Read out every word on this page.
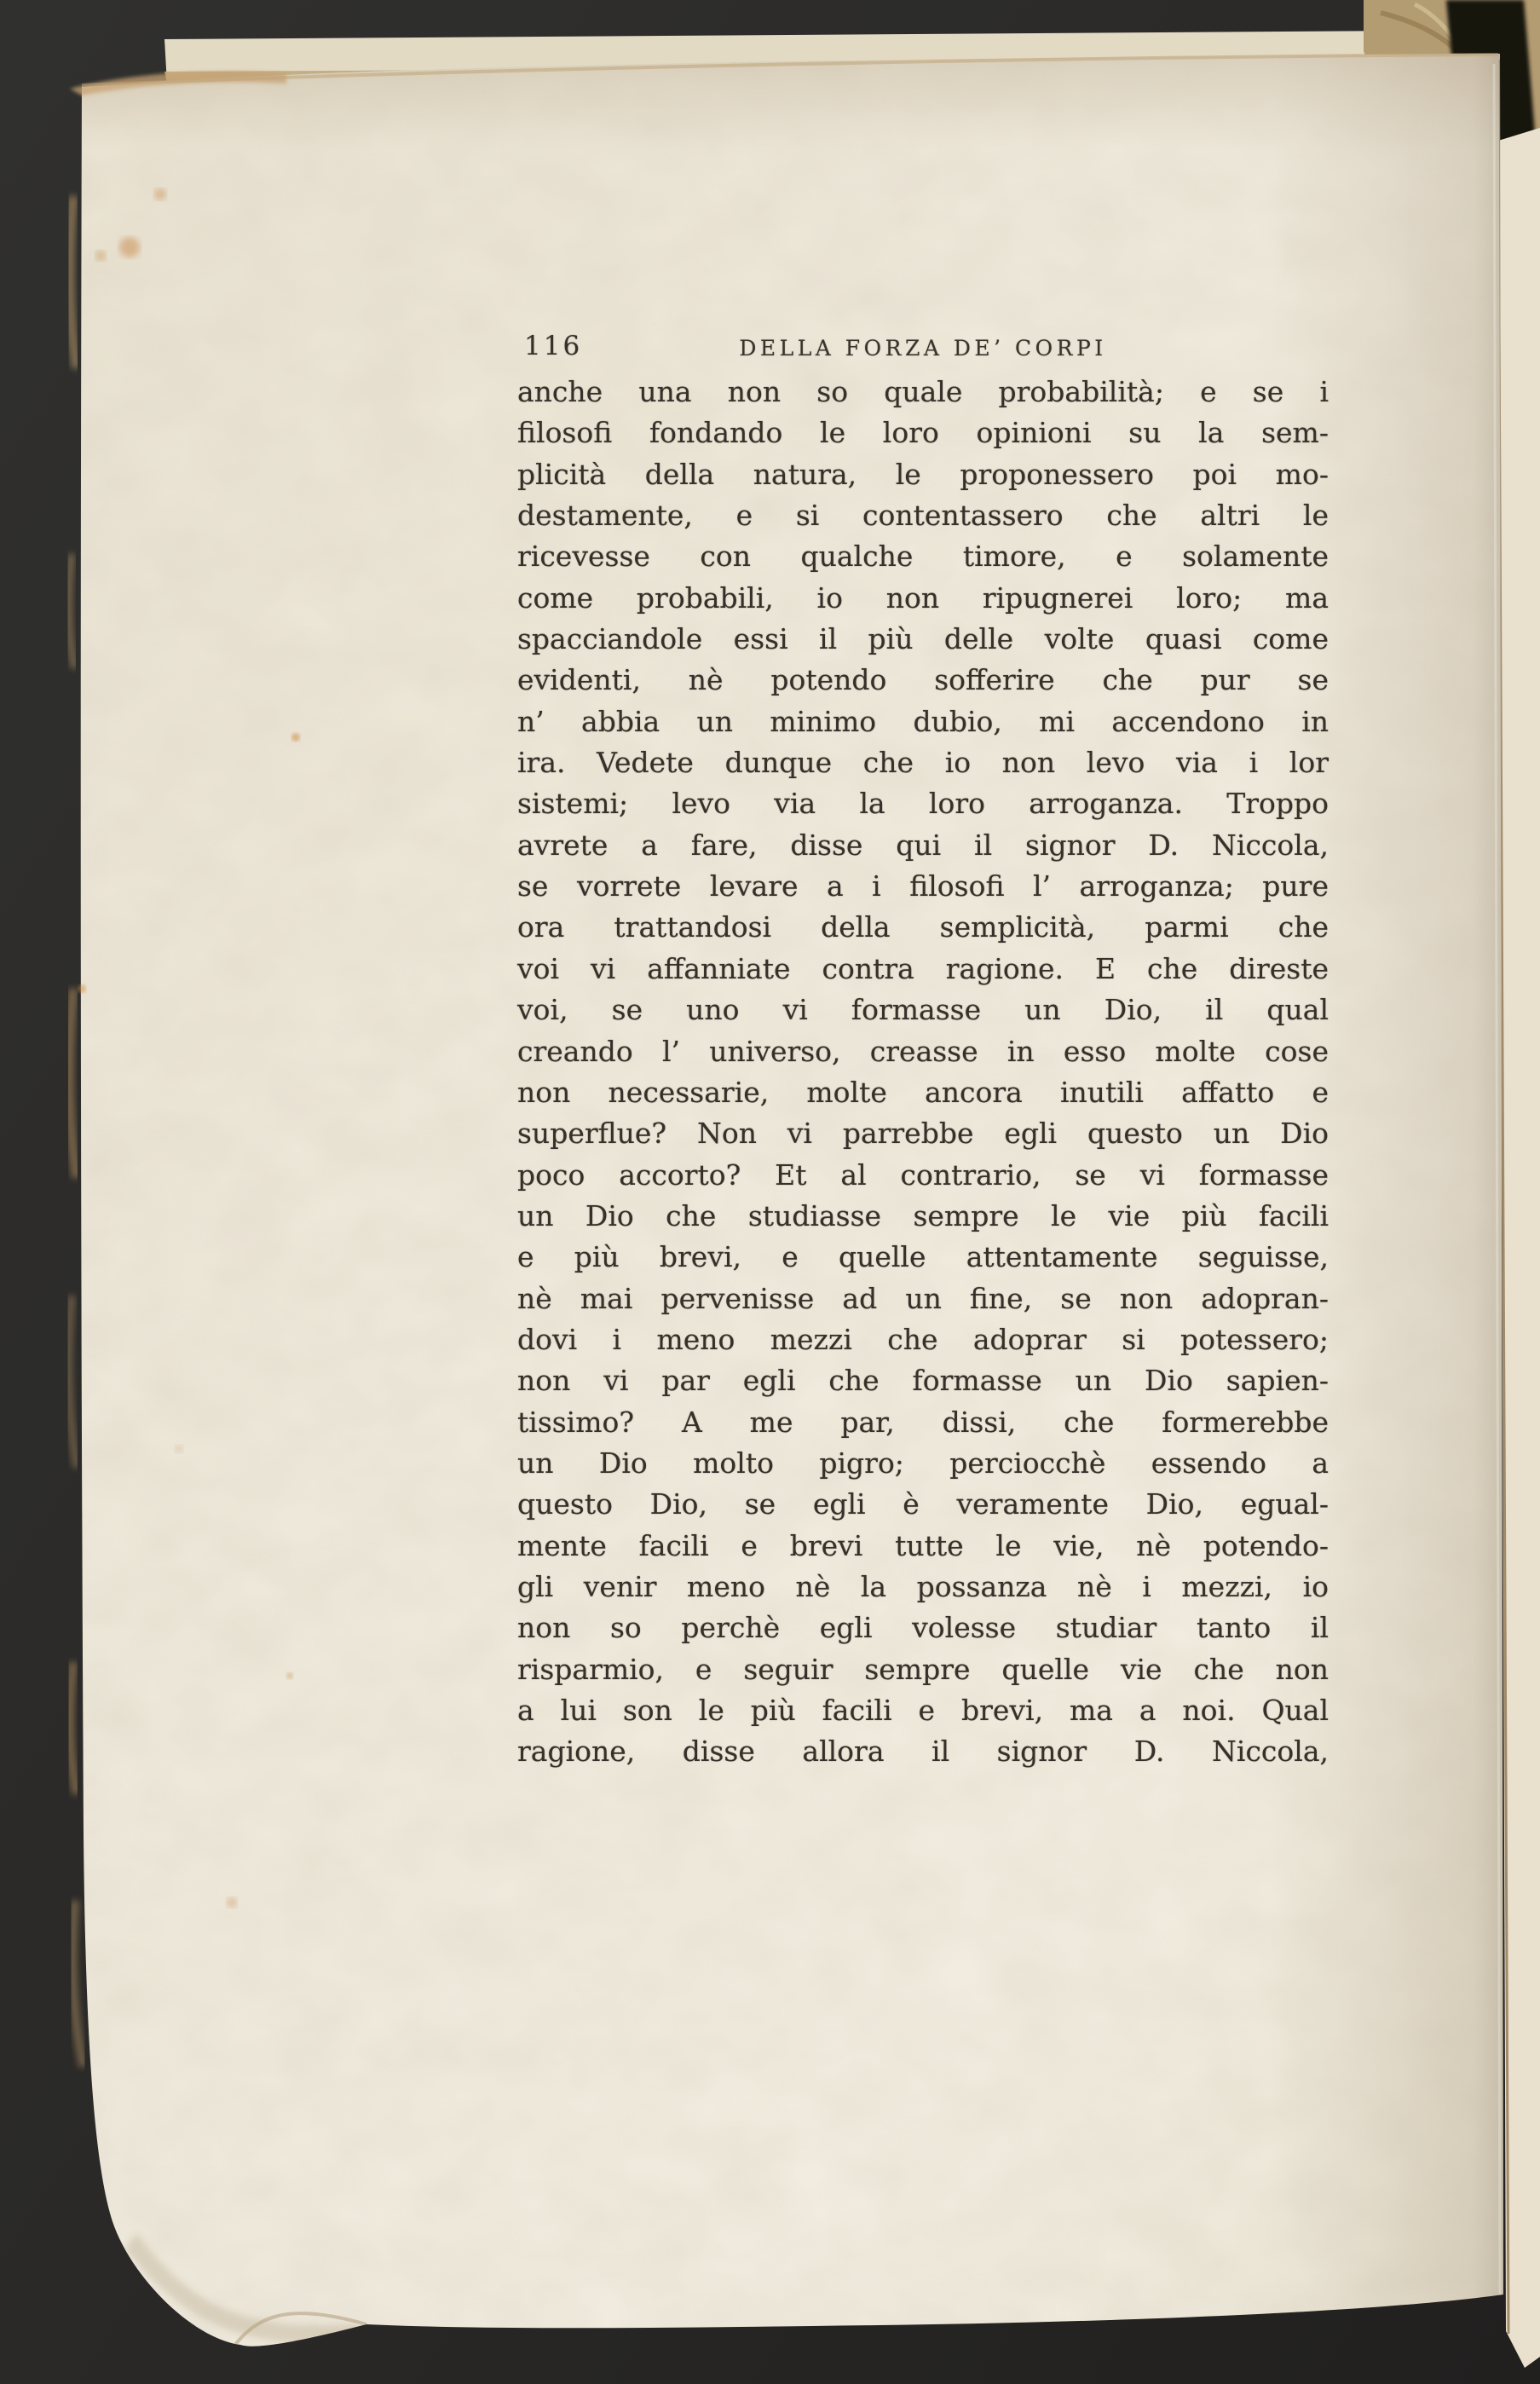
116	DELLA FORZA DE’ CORPI
anche una non so quale probabilità; e se i
filosofi fondando le loro opinioni su la sem-
plicità della natura, le proponessero poi mo-
destamente, e si contentassero che altri le
ricevesse con qualche timore, e solamente
come probabili, io non ripugnerei loro; ma
spacciandole essi il più delle volte quasi come
evidenti, nè potendo sofferire che pur se
n’ abbia un minimo dubio, mi accendono in
ira. Vedete dunque che io non levo via i lor
sistemi; levo via la loro arroganza. Troppo
avrete a fare, disse qui il signor D. Niccola,
se vorrete levare a i filosofi l’ arroganza; pure
ora trattandosi della semplicità, parmi che
voi vi affanniate contra ragione. E che direste
voi, se uno vi formasse un Dio, il qual
creando l’ universo, creasse in esso molte cose
non necessarie, molte ancora inutili affatto e
superflue? Non vi parrebbe egli questo un Dio
poco accorto? Et al contrario, se vi formasse
un Dio che studiasse sempre le vie più facili
e più brevi, e quelle attentamente seguisse,
nè mai pervenisse ad un fine, se non adopran-
dovi i meno mezzi che adoprar si potessero;
non vi par egli che formasse un Dio sapien-
tissimo? A me par, dissi, che formerebbe
un Dio molto pigro; perciocchè essendo a
questo Dio, se egli è veramente Dio, egual-
mente facili e brevi tutte le vie, nè potendo-
gli venir meno nè la possanza nè i mezzi, io
non so perchè egli volesse studiar tanto il
risparmio, e seguir sempre quelle vie che non
a lui son le più facili e brevi, ma a noi. Qual
ragione, disse allora il signor D. Niccola,
